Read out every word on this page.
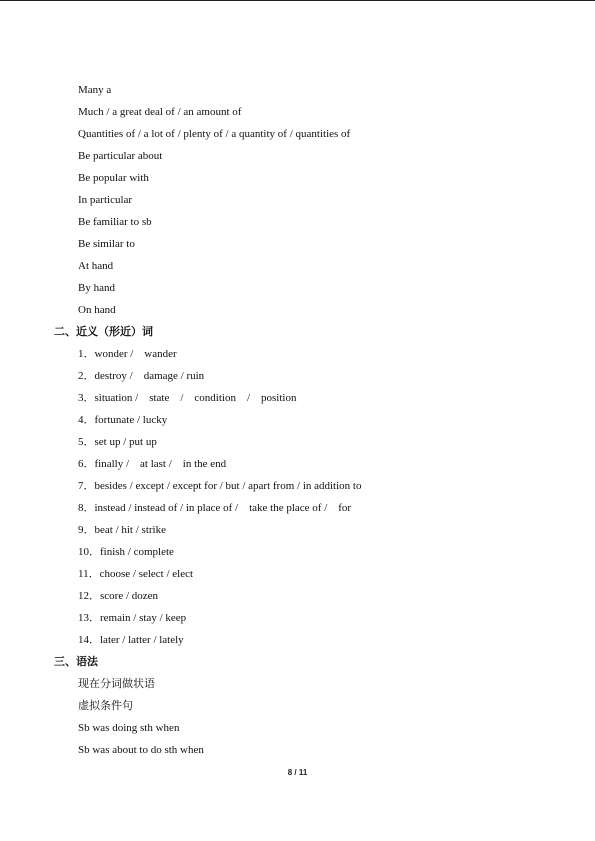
Many a
Much / a great deal of / an amount of
Quantities of / a lot of / plenty of / a quantity of / quantities of
Be particular about
Be popular with
In particular
Be familiar to sb
Be similar to
At hand
By hand
On hand
二、近义（形近）词
1．wonder /    wander
2．destroy /    damage / ruin
3．situation /    state    /    condition    /    position
4．fortunate / lucky
5．set up / put up
6．finally /    at last /    in the end
7．besides / except / except for / but / apart from / in addition to
8．instead / instead of / in place of /    take the place of /    for
9．beat / hit / strike
10．finish / complete
11．choose / select / elect
12．score / dozen
13．remain / stay / keep
14．later / latter / lately
三、语法
现在分词做状语
虚拟条件句
Sb was doing sth when
Sb was about to do sth when
8 / 11
